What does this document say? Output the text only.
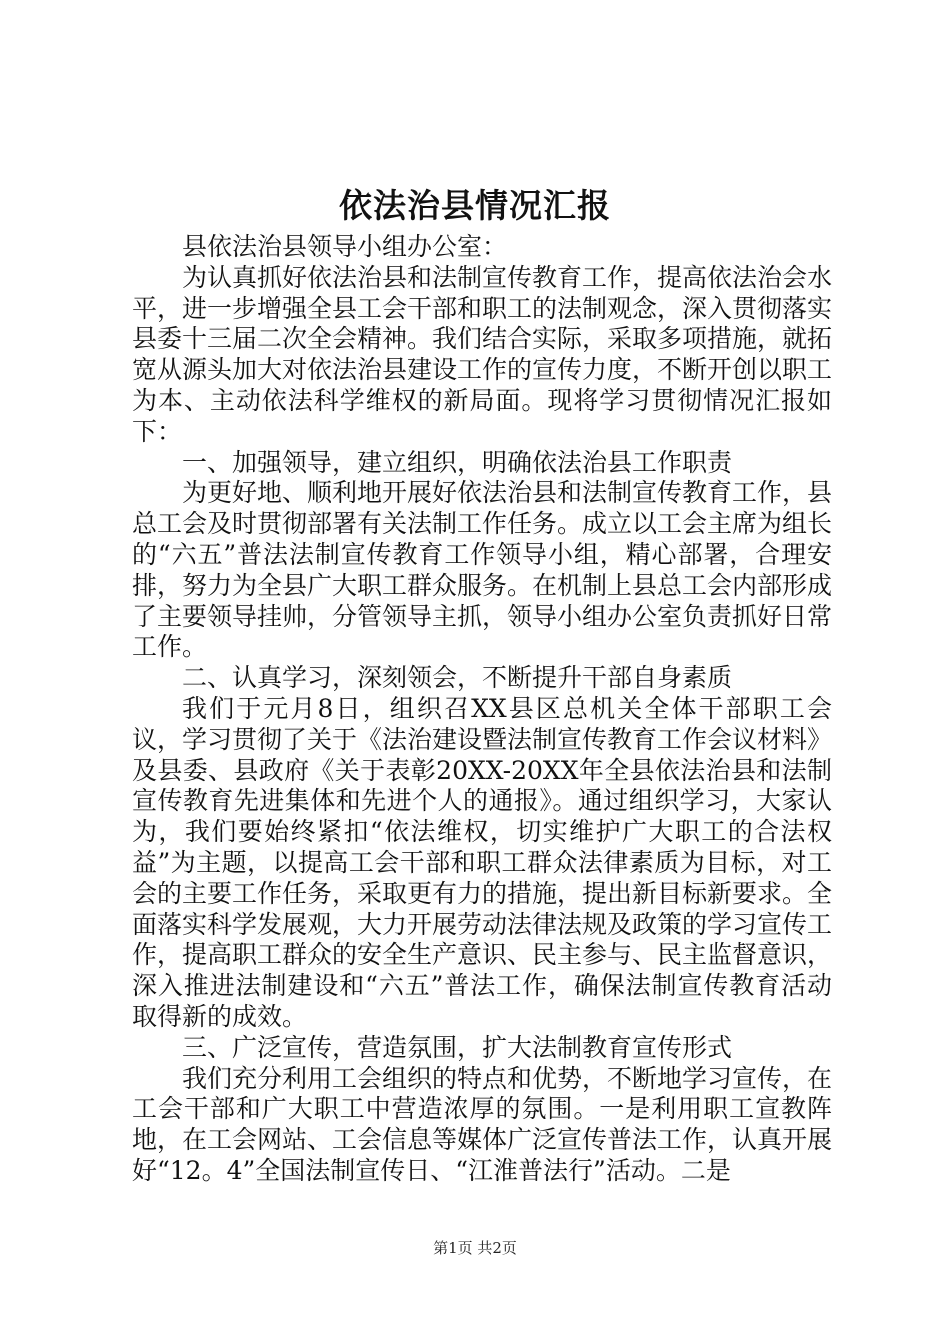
依法治县情况汇报

县依法治县领导小组办公室：

为认真抓好依法治县和法制宣传教育工作，提高依法治会水平，进一步增强全县工会干部和职工的法制观念，深入贯彻落实县委十三届二次全会精神。我们结合实际，采取多项措施，就拓宽从源头加大对依法治县建设工作的宣传力度，不断开创以职工为本、主动依法科学维权的新局面。现将学习贯彻情况汇报如下：

一、加强领导，建立组织，明确依法治县工作职责

为更好地、顺利地开展好依法治县和法制宣传教育工作，县总工会及时贯彻部署有关法制工作任务。成立以工会主席为组长的“六五”普法法制宣传教育工作领导小组，精心部署，合理安排，努力为全县广大职工群众服务。在机制上县总工会内部形成了主要领导挂帅，分管领导主抓，领导小组办公室负责抓好日常工作。

二、认真学习，深刻领会，不断提升干部自身素质

我们于元月8日，组织召XX县区总机关全体干部职工会议，学习贯彻了关于《法治建设暨法制宣传教育工作会议材料》及县委、县政府《关于表彰20XX-20XX年全县依法治县和法制宣传教育先进集体和先进个人的通报》。通过组织学习，大家认为，我们要始终紧扣“依法维权，切实维护广大职工的合法权益”为主题，以提高工会干部和职工群众法律素质为目标，对工会的主要工作任务，采取更有力的措施，提出新目标新要求。全面落实科学发展观，大力开展劳动法律法规及政策的学习宣传工作，提高职工群众的安全生产意识、民主参与、民主监督意识，深入推进法制建设和“六五”普法工作，确保法制宣传教育活动取得新的成效。

三、广泛宣传，营造氛围，扩大法制教育宣传形式

我们充分利用工会组织的特点和优势，不断地学习宣传，在工会干部和广大职工中营造浓厚的氛围。一是利用职工宣教阵地，在工会网站、工会信息等媒体广泛宣传普法工作，认真开展好“12。4”全国法制宣传日、“江淮普法行”活动。二是

第1页 共2页
